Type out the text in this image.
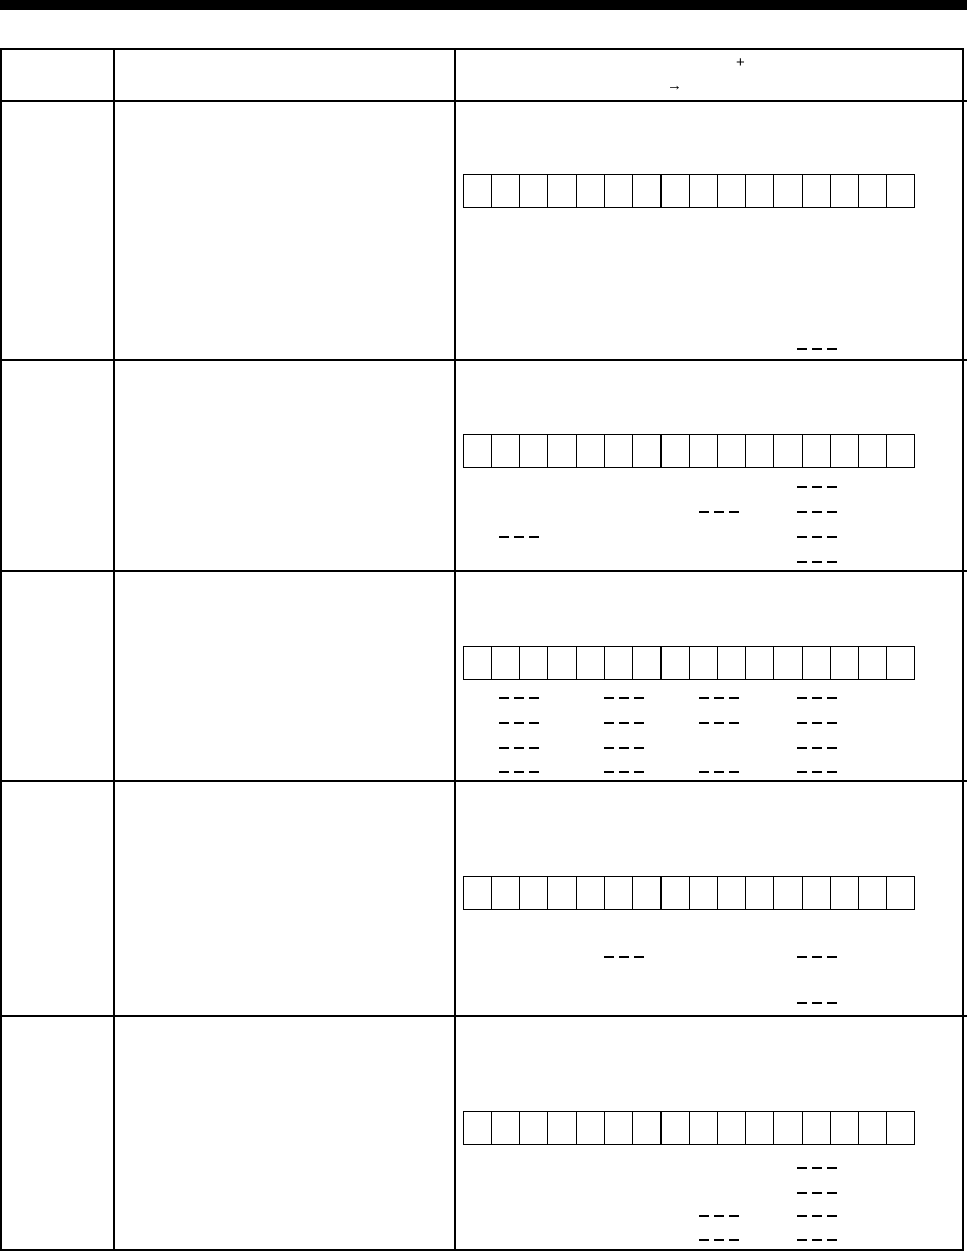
+
→
